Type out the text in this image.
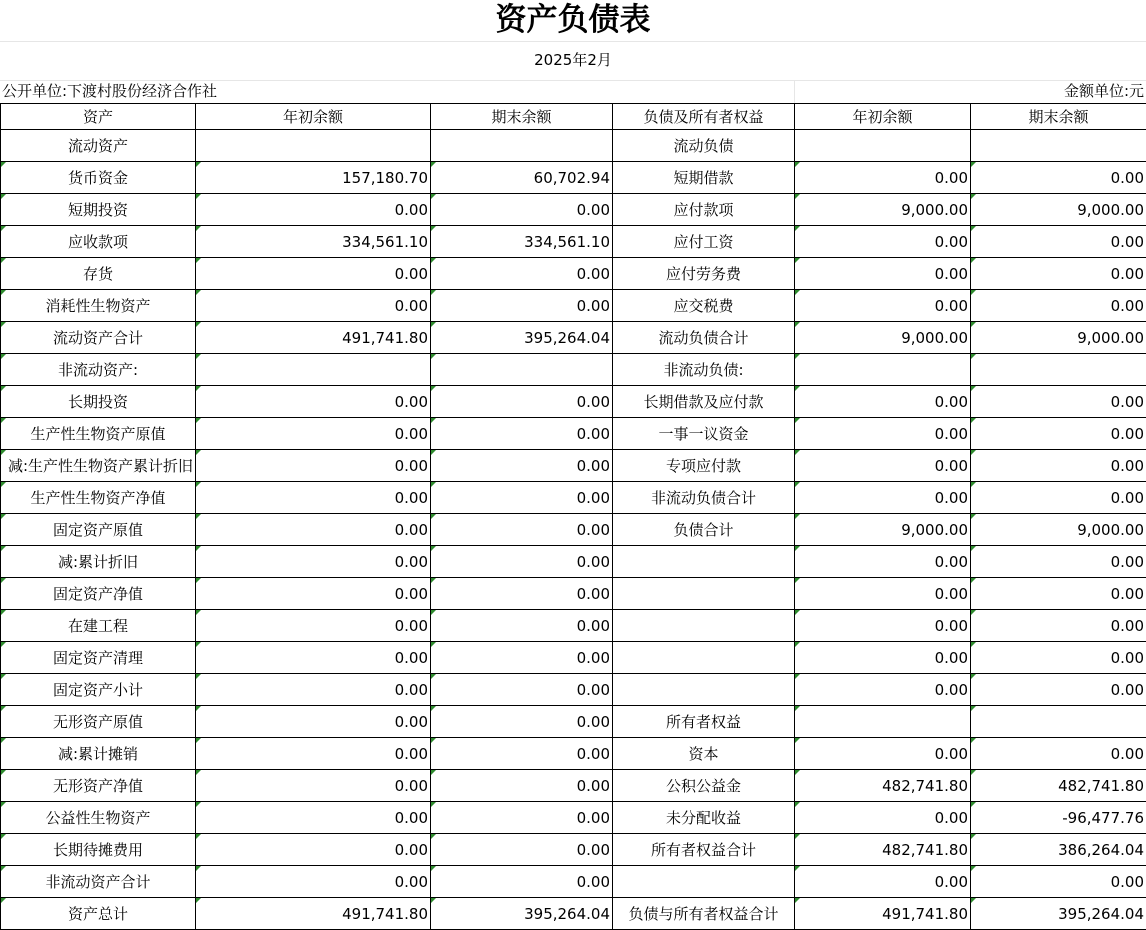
资产负债表
2025年2月
公开单位:下渡村股份经济合作社	金额单位:元
资产	年初余额	期末余额	负债及所有者权益	年初余额	期末余额
流动资产			流动负债		
货币资金	157,180.70	60,702.94	短期借款	0.00	0.00
短期投资	0.00	0.00	应付款项	9,000.00	9,000.00
应收款项	334,561.10	334,561.10	应付工资	0.00	0.00
存货	0.00	0.00	应付劳务费	0.00	0.00
消耗性生物资产	0.00	0.00	应交税费	0.00	0.00
流动资产合计	491,741.80	395,264.04	流动负债合计	9,000.00	9,000.00
非流动资产:			非流动负债:		
长期投资	0.00	0.00	长期借款及应付款	0.00	0.00
生产性生物资产原值	0.00	0.00	一事一议资金	0.00	0.00
减:生产性生物资产累计折旧	0.00	0.00	专项应付款	0.00	0.00
生产性生物资产净值	0.00	0.00	非流动负债合计	0.00	0.00
固定资产原值	0.00	0.00	负债合计	9,000.00	9,000.00
减:累计折旧	0.00	0.00		0.00	0.00
固定资产净值	0.00	0.00		0.00	0.00
在建工程	0.00	0.00		0.00	0.00
固定资产清理	0.00	0.00		0.00	0.00
固定资产小计	0.00	0.00		0.00	0.00
无形资产原值	0.00	0.00	所有者权益		
减:累计摊销	0.00	0.00	资本	0.00	0.00
无形资产净值	0.00	0.00	公积公益金	482,741.80	482,741.80
公益性生物资产	0.00	0.00	未分配收益	0.00	-96,477.76
长期待摊费用	0.00	0.00	所有者权益合计	482,741.80	386,264.04
非流动资产合计	0.00	0.00		0.00	0.00
资产总计	491,741.80	395,264.04	负债与所有者权益合计	491,741.80	395,264.04
